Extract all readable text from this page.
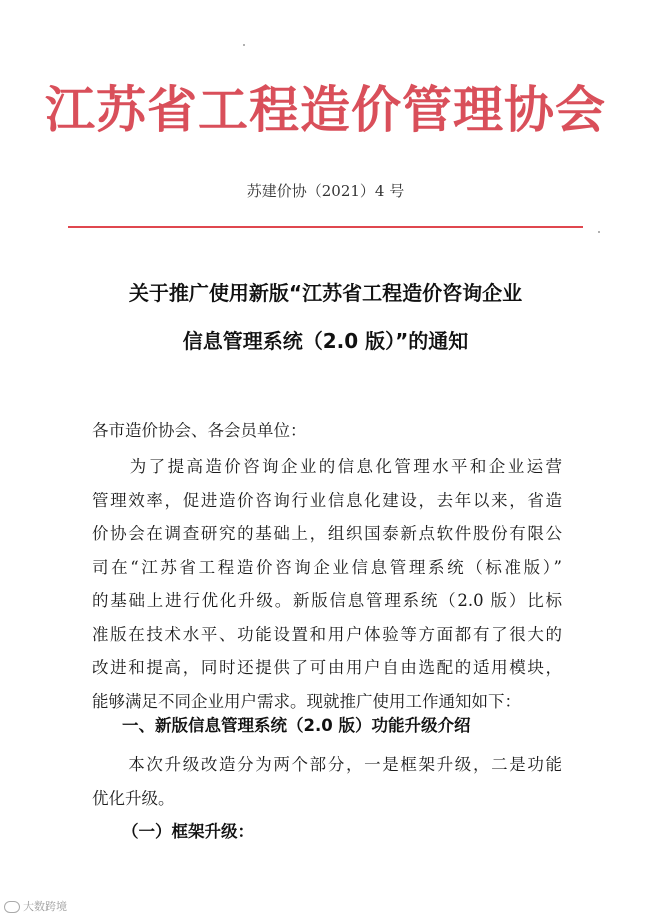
江苏省工程造价管理协会
苏建价协（2021）4 号
关于推广使用新版“江苏省工程造价咨询企业
信息管理系统（2.0 版）”的通知
各市造价协会、各会员单位：
　　为了提高造价咨询企业的信息化管理水平和企业运营
管理效率，促进造价咨询行业信息化建设，去年以来，省造
价协会在调查研究的基础上，组织国泰新点软件股份有限公
司在“江苏省工程造价咨询企业信息管理系统（标准版）”
的基础上进行优化升级。新版信息管理系统（2.0 版）比标
准版在技术水平、功能设置和用户体验等方面都有了很大的
改进和提高，同时还提供了可由用户自由选配的适用模块，
能够满足不同企业用户需求。现就推广使用工作通知如下：
一、新版信息管理系统（2.0 版）功能升级介绍
　　本次升级改造分为两个部分，一是框架升级，二是功能
优化升级。
（一）框架升级：
大数跨境
